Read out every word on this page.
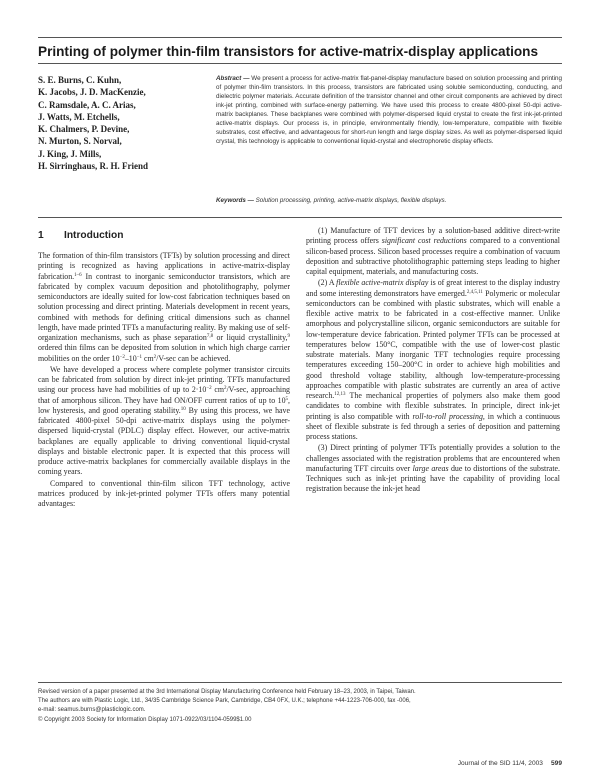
Printing of polymer thin-film transistors for active-matrix-display applications
S. E. Burns, C. Kuhn,
K. Jacobs, J. D. MacKenzie,
C. Ramsdale, A. C. Arias,
J. Watts, M. Etchells,
K. Chalmers, P. Devine,
N. Murton, S. Norval,
J. King, J. Mills,
H. Sirringhaus, R. H. Friend
Abstract — We present a process for active-matrix flat-panel-display manufacture based on solution processing and printing of polymer thin-film transistors. In this process, transistors are fabricated using soluble semiconducting, conducting, and dielectric polymer materials. Accurate definition of the transistor channel and other circuit components are achieved by direct ink-jet printing, combined with surface-energy patterning. We have used this process to create 4800-pixel 50-dpi active-matrix backplanes. These backplanes were combined with polymer-dispersed liquid crystal to create the first ink-jet-printed active-matrix displays. Our process is, in principle, environmentally friendly, low-temperature, compatible with flexible substrates, cost effective, and advantageous for short-run length and large display sizes. As well as polymer-dispersed liquid crystal, this technology is applicable to conventional liquid-crystal and electrophoretic display effects.
Keywords — Solution processing, printing, active-matrix displays, flexible displays.
1 Introduction

The formation of thin-film transistors (TFTs) by solution processing and direct printing is recognized as having applications in active-matrix-display fabrication.$^{1-6}$ In contrast to inorganic semiconductor transistors, which are fabricated by complex vacuum deposition and photolithography, polymer semiconductors are ideally suited for low-cost fabrication techniques based on solution processing and direct printing. Materials development in recent years, combined with methods for defining critical dimensions such as channel length, have made printed TFTs a manufacturing reality. By making use of self-organization mechanisms, such as phase separation$^{7,8}$ or liquid crystallinity,$^9$ ordered thin films can be deposited from solution in which high charge carrier mobilities on the order $10^{-2}-10^{-1}$ $cm^2/V-\sec$ can be achieved.

We have developed a process where complete polymer transistor circuits can be fabricated from solution by direct ink-jet printing. TFTs manufactured using our process have had mobilities of up to $2\cdot 10^{-2}$ $cm^2/V-\sec$, approaching that of amorphous silicon. They have had ON/OFF current ratios of up to $10^5$, low hysteresis, and good operating stability.$^{10}$ By using this process, we have fabricated 4800-pixel 50-dpi active-matrix displays using the polymer-dispersed liquid-crystal (PDLC) display effect. However, our active-matrix backplanes are equally applicable to driving conventional liquid-crystal displays and bistable electronic paper. It is expected that this process will produce active-matrix backplanes for commercially available displays in the coming years.

Compared to conventional thin-film silicon TFT technology, active matrices produced by ink-jet-printed polymer TFTs offers many potential advantages:

(1) Manufacture of TFT devices by a solution-based additive direct-write printing process offers significant cost reductions compared to a conventional silicon-based process. Silicon based processes require a combination of vacuum deposition and subtractive photolithographic patterning steps leading to higher capital equipment, materials, and manufacturing costs.

(2) A flexible active-matrix display is of great interest to the display industry and some interesting demonstrators have emerged.$^{2,4,5,11}$ Polymeric or molecular semiconductors can be combined with plastic substrates, which will enable a flexible active matrix to be fabricated in a cost-effective manner. Unlike amorphous and polycrystalline silicon, organic semiconductors are suitable for low-temperature device fabrication. Printed polymer TFTs can be processed at temperatures below 150°C, compatible with the use of lower-cost plastic substrate materials. Many inorganic TFT technologies require processing temperatures exceeding 150–200°C in order to achieve high mobilities and good threshold voltage stability, although low-temperature-processing approaches compatible with plastic substrates are currently an area of active research.$^{12,13}$ The mechanical properties of polymers also make them good candidates to combine with flexible substrates. In principle, direct ink-jet printing is also compatible with roll-to-roll processing, in which a continuous sheet of flexible substrate is fed through a series of deposition and patterning process stations.

(3) Direct printing of polymer TFTs potentially provides a solution to the challenges associated with the registration problems that are encountered when manufacturing TFT circuits over large areas due to distortions of the substrate. Techniques such as ink-jet printing have the capability of providing local registration because the ink-jet head

Revised version of a paper presented at the 3rd International Display Manufacturing Conference held February 18–23, 2003, in Taipei, Taiwan.
The authors are with Plastic Logic, Ltd., 34/35 Cambridge Science Park, Cambridge, CB4 0FX, U.K.; telephone +44-1223-706-000, fax -006,
e-mail: seamus.burns@plasticlogic.com.
© Copyright 2003 Society for Information Display 1071-0922/03/1104-0599$1.00
Journal of the SID 11/4, 2003 599
